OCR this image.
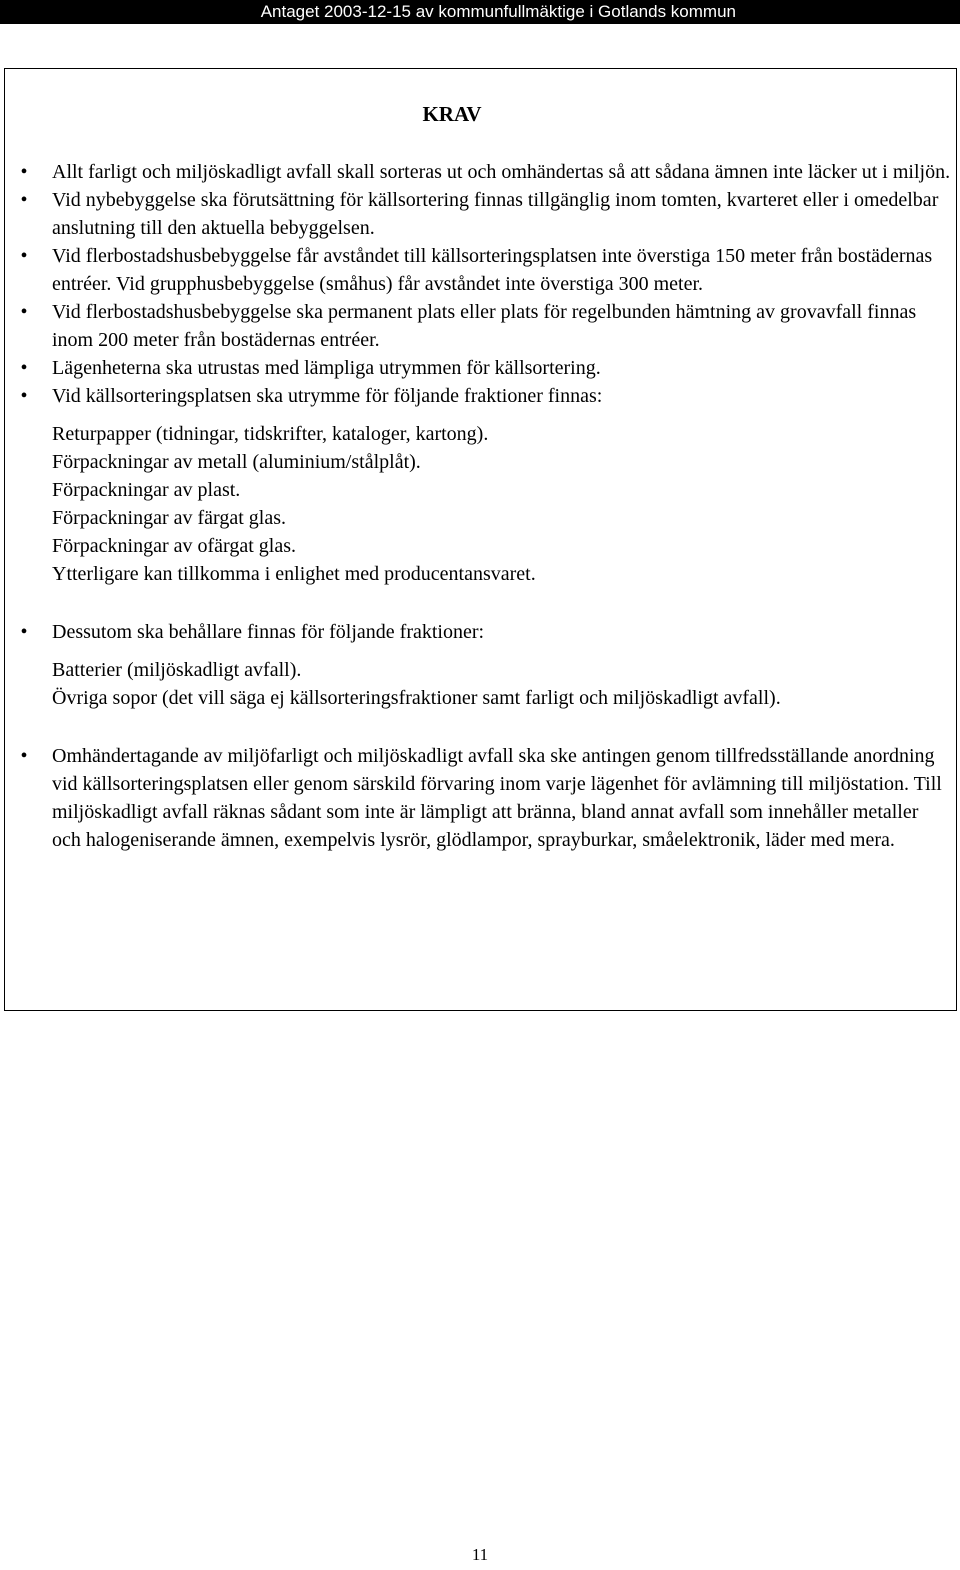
Antaget 2003-12-15 av kommunfullmäktige i Gotlands kommun
KRAV
• Allt farligt och miljöskadligt avfall skall sorteras ut och omhändertas så att sådana ämnen inte läcker ut i miljön.
• Vid nybebyggelse ska förutsättning för källsortering finnas tillgänglig inom tomten, kvarteret eller i omedelbar anslutning till den aktuella bebyggelsen.
• Vid flerbostadshusbebyggelse får avståndet till källsorteringsplatsen inte överstiga 150 meter från bostädernas entréer. Vid grupphusbebyggelse (småhus) får avståndet inte överstiga 300 meter.
• Vid flerbostadshusbebyggelse ska permanent plats eller plats för regelbunden hämtning av grovavfall finnas inom 200 meter från bostädernas entréer.
• Lägenheterna ska utrustas med lämpliga utrymmen för källsortering.
• Vid källsorteringsplatsen ska utrymme för följande fraktioner finnas:
Returpapper (tidningar, tidskrifter, kataloger, kartong).
Förpackningar av metall (aluminium/stålplåt).
Förpackningar av plast.
Förpackningar av färgat glas.
Förpackningar av ofärgat glas.
Ytterligare kan tillkomma i enlighet med producentansvaret.
• Dessutom ska behållare finnas för följande fraktioner:
Batterier (miljöskadligt avfall).
Övriga sopor (det vill säga ej källsorteringsfraktioner samt farligt och miljöskadligt avfall).
• Omhändertagande av miljöfarligt och miljöskadligt avfall ska ske antingen genom tillfredsställande anordning vid källsorteringsplatsen eller genom särskild förvaring inom varje lägenhet för avlämning till miljöstation. Till miljöskadligt avfall räknas sådant som inte är lämpligt att bränna, bland annat avfall som innehåller metaller och halogeniserande ämnen, exempelvis lysrör, glödlampor, sprayburkar, småelektronik, läder med mera.
11
